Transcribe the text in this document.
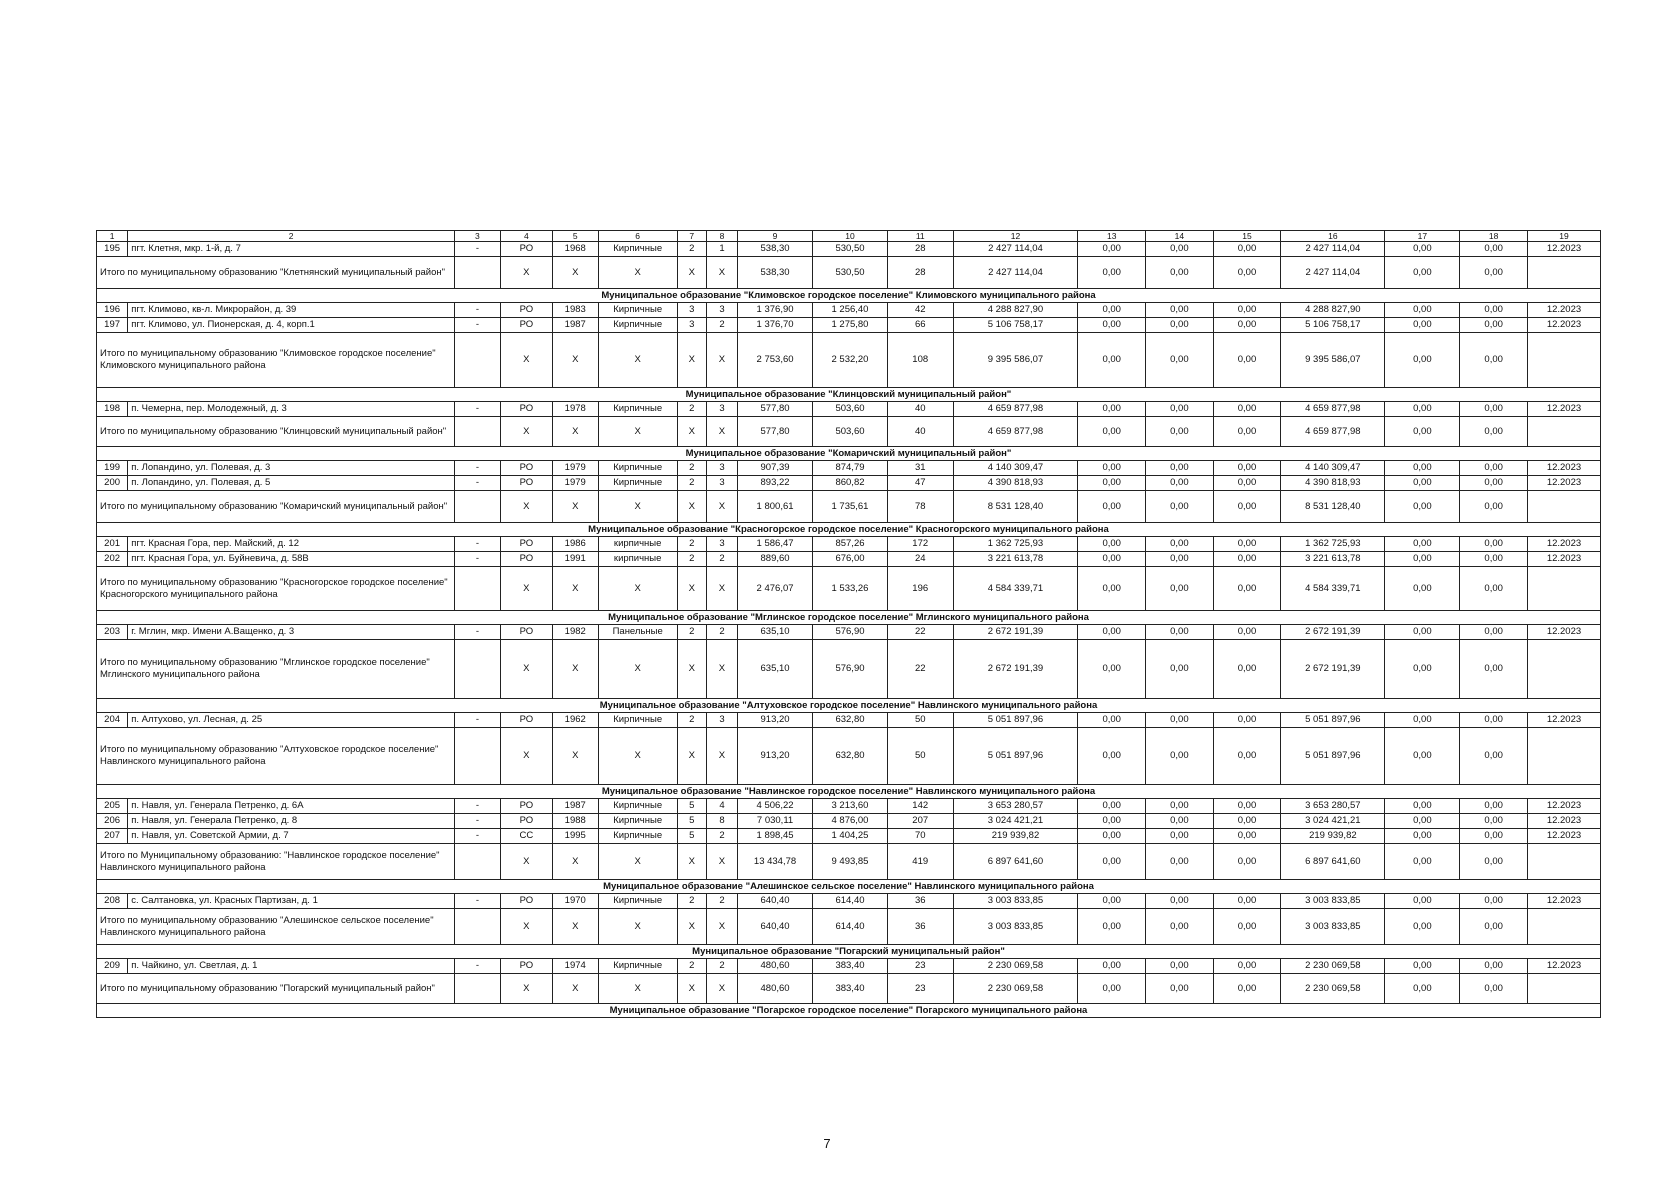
1	2	3	4	5	6	7	8	9	10	11	12	13	14	15	16	17	18	19
195	пгт. Клетня, мкр. 1-й, д. 7	-	РО	1968	Кирпичные	2	1	538,30	530,50	28	2 427 114,04	0,00	0,00	0,00	2 427 114,04	0,00	0,00	12.2023
Итого по муниципальному образованию "Клетнянский муниципальный район"			Х	Х	Х	Х	Х	538,30	530,50	28	2 427 114,04	0,00	0,00	0,00	2 427 114,04	0,00	0,00	
Муниципальное образование "Климовское городское поселение" Климовского муниципального района																		
196	пгт. Климово, кв-л. Микрорайон, д. 39	-	РО	1983	Кирпичные	3	3	1 376,90	1 256,40	42	4 288 827,90	0,00	0,00	0,00	4 288 827,90	0,00	0,00	12.2023
197	пгт. Климово, ул. Пионерская, д. 4, корп.1	-	РО	1987	Кирпичные	3	2	1 376,70	1 275,80	66	5 106 758,17	0,00	0,00	0,00	5 106 758,17	0,00	0,00	12.2023
Итого по муниципальному образованию "Климовское городское поселение" Климовского муниципального района			Х	Х	Х	Х	Х	2 753,60	2 532,20	108	9 395 586,07	0,00	0,00	0,00	9 395 586,07	0,00	0,00	
Муниципальное образование "Клинцовский муниципальный район"																		
198	п. Чемерна, пер. Молодежный, д. 3	-	РО	1978	Кирпичные	2	3	577,80	503,60	40	4 659 877,98	0,00	0,00	0,00	4 659 877,98	0,00	0,00	12.2023
Итого по муниципальному образованию "Клинцовский муниципальный район"			Х	Х	Х	Х	Х	577,80	503,60	40	4 659 877,98	0,00	0,00	0,00	4 659 877,98	0,00	0,00	
Муниципальное образование "Комаричский муниципальный район"																		
199	п. Лопандино, ул. Полевая, д. 3	-	РО	1979	Кирпичные	2	3	907,39	874,79	31	4 140 309,47	0,00	0,00	0,00	4 140 309,47	0,00	0,00	12.2023
200	п. Лопандино, ул. Полевая, д. 5	-	РО	1979	Кирпичные	2	3	893,22	860,82	47	4 390 818,93	0,00	0,00	0,00	4 390 818,93	0,00	0,00	12.2023
Итого по муниципальному образованию "Комаричский муниципальный район"			Х	Х	Х	Х	Х	1 800,61	1 735,61	78	8 531 128,40	0,00	0,00	0,00	8 531 128,40	0,00	0,00	
Муниципальное образование "Красногорское городское поселение" Красногорского муниципального района																		
201	пгт. Красная Гора, пер. Майский, д. 12	-	РО	1986	кирпичные	2	3	1 586,47	857,26	172	1 362 725,93	0,00	0,00	0,00	1 362 725,93	0,00	0,00	12.2023
202	пгт. Красная Гора, ул. Буйневича, д. 58В	-	РО	1991	кирпичные	2	2	889,60	676,00	24	3 221 613,78	0,00	0,00	0,00	3 221 613,78	0,00	0,00	12.2023
Итого по муниципальному образованию "Красногорское городское поселение" Красногорского муниципального района			Х	Х	Х	Х	Х	2 476,07	1 533,26	196	4 584 339,71	0,00	0,00	0,00	4 584 339,71	0,00	0,00	
Муниципальное образование "Мглинское городское поселение" Мглинского муниципального района																		
203	г. Мглин, мкр. Имени А.Ващенко, д. 3	-	РО	1982	Панельные	2	2	635,10	576,90	22	2 672 191,39	0,00	0,00	0,00	2 672 191,39	0,00	0,00	12.2023
Итого по муниципальному образованию "Мглинское городское поселение" Мглинского муниципального района			Х	Х	Х	Х	Х	635,10	576,90	22	2 672 191,39	0,00	0,00	0,00	2 672 191,39	0,00	0,00	
Муниципальное образование "Алтуховское городское поселение" Навлинского муниципального района																		
204	п. Алтухово, ул. Лесная, д. 25	-	РО	1962	Кирпичные	2	3	913,20	632,80	50	5 051 897,96	0,00	0,00	0,00	5 051 897,96	0,00	0,00	12.2023
Итого по муниципальному образованию "Алтуховское городское поселение" Навлинского муниципального района			Х	Х	Х	Х	Х	913,20	632,80	50	5 051 897,96	0,00	0,00	0,00	5 051 897,96	0,00	0,00	
Муниципальное образование "Навлинское городское поселение" Навлинского муниципального района																		
205	п. Навля, ул. Генерала Петренко, д. 6А	-	РО	1987	Кирпичные	5	4	4 506,22	3 213,60	142	3 653 280,57	0,00	0,00	0,00	3 653 280,57	0,00	0,00	12.2023
206	п. Навля, ул. Генерала Петренко, д. 8	-	РО	1988	Кирпичные	5	8	7 030,11	4 876,00	207	3 024 421,21	0,00	0,00	0,00	3 024 421,21	0,00	0,00	12.2023
207	п. Навля, ул. Советской Армии, д. 7	-	СС	1995	Кирпичные	5	2	1 898,45	1 404,25	70	219 939,82	0,00	0,00	0,00	219 939,82	0,00	0,00	12.2023
Итого по Муниципальному образованию: "Навлинское городское поселение" Навлинского муниципального района			Х	Х	Х	Х	Х	13 434,78	9 493,85	419	6 897 641,60	0,00	0,00	0,00	6 897 641,60	0,00	0,00	
Муниципальное образование "Алешинское сельское поселение" Навлинского муниципального района																		
208	с. Салтановка, ул. Красных Партизан, д. 1	-	РО	1970	Кирпичные	2	2	640,40	614,40	36	3 003 833,85	0,00	0,00	0,00	3 003 833,85	0,00	0,00	12.2023
Итого по муниципальному образованию "Алешинское сельское поселение" Навлинского муниципального района			Х	Х	Х	Х	Х	640,40	614,40	36	3 003 833,85	0,00	0,00	0,00	3 003 833,85	0,00	0,00	
Муниципальное образование "Погарский муниципальный район"																		
209	п. Чайкино, ул. Светлая, д. 1	-	РО	1974	Кирпичные	2	2	480,60	383,40	23	2 230 069,58	0,00	0,00	0,00	2 230 069,58	0,00	0,00	12.2023
Итого по муниципальному образованию "Погарский муниципальный район"			Х	Х	Х	Х	Х	480,60	383,40	23	2 230 069,58	0,00	0,00	0,00	2 230 069,58	0,00	0,00	
Муниципальное образование "Погарское городское поселение" Погарского муниципального района																		
7
